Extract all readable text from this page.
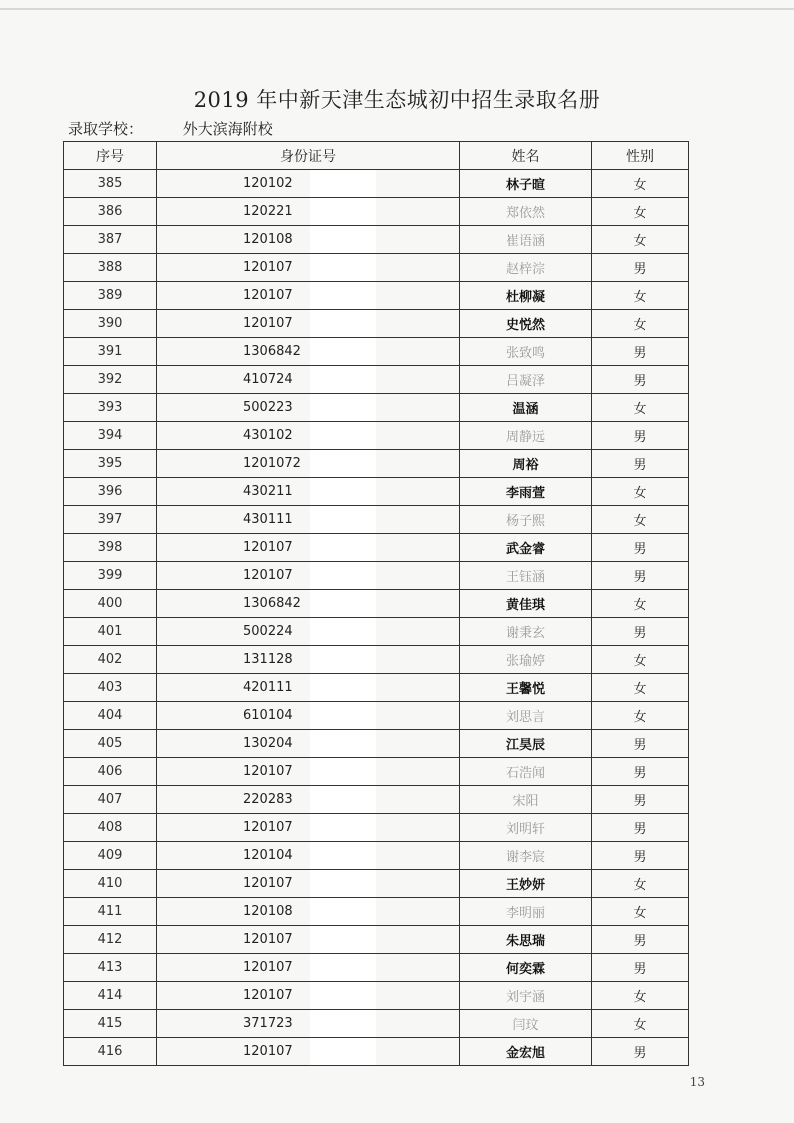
2019 年中新天津生态城初中招生录取名册
录取学校：	外大滨海附校
序号	身份证号	姓名	性别
385	120102	林子暄	女
386	120221	郑依然	女
387	120108	崔语涵	女
388	120107	赵梓淙	男
389	120107	杜柳凝	女
390	120107	史悦然	女
391	1306842	张致鸣	男
392	410724	吕凝泽	男
393	500223	温涵	女
394	430102	周静远	男
395	1201072	周裕	男
396	430211	李雨萱	女
397	430111	杨子熙	女
398	120107	武金睿	男
399	120107	王钰涵	男
400	1306842	黄佳琪	女
401	500224	谢秉玄	男
402	131128	张瑜婷	女
403	420111	王馨悦	女
404	610104	刘思言	女
405	130204	江昊辰	男
406	120107	石浩闻	男
407	220283	宋阳	男
408	120107	刘明轩	男
409	120104	谢李宸	男
410	120107	王妙妍	女
411	120108	李明丽	女
412	120107	朱思瑞	男
413	120107	何奕霖	男
414	120107	刘宇涵	女
415	371723	闫玟	女
416	120107	金宏旭	男
13
